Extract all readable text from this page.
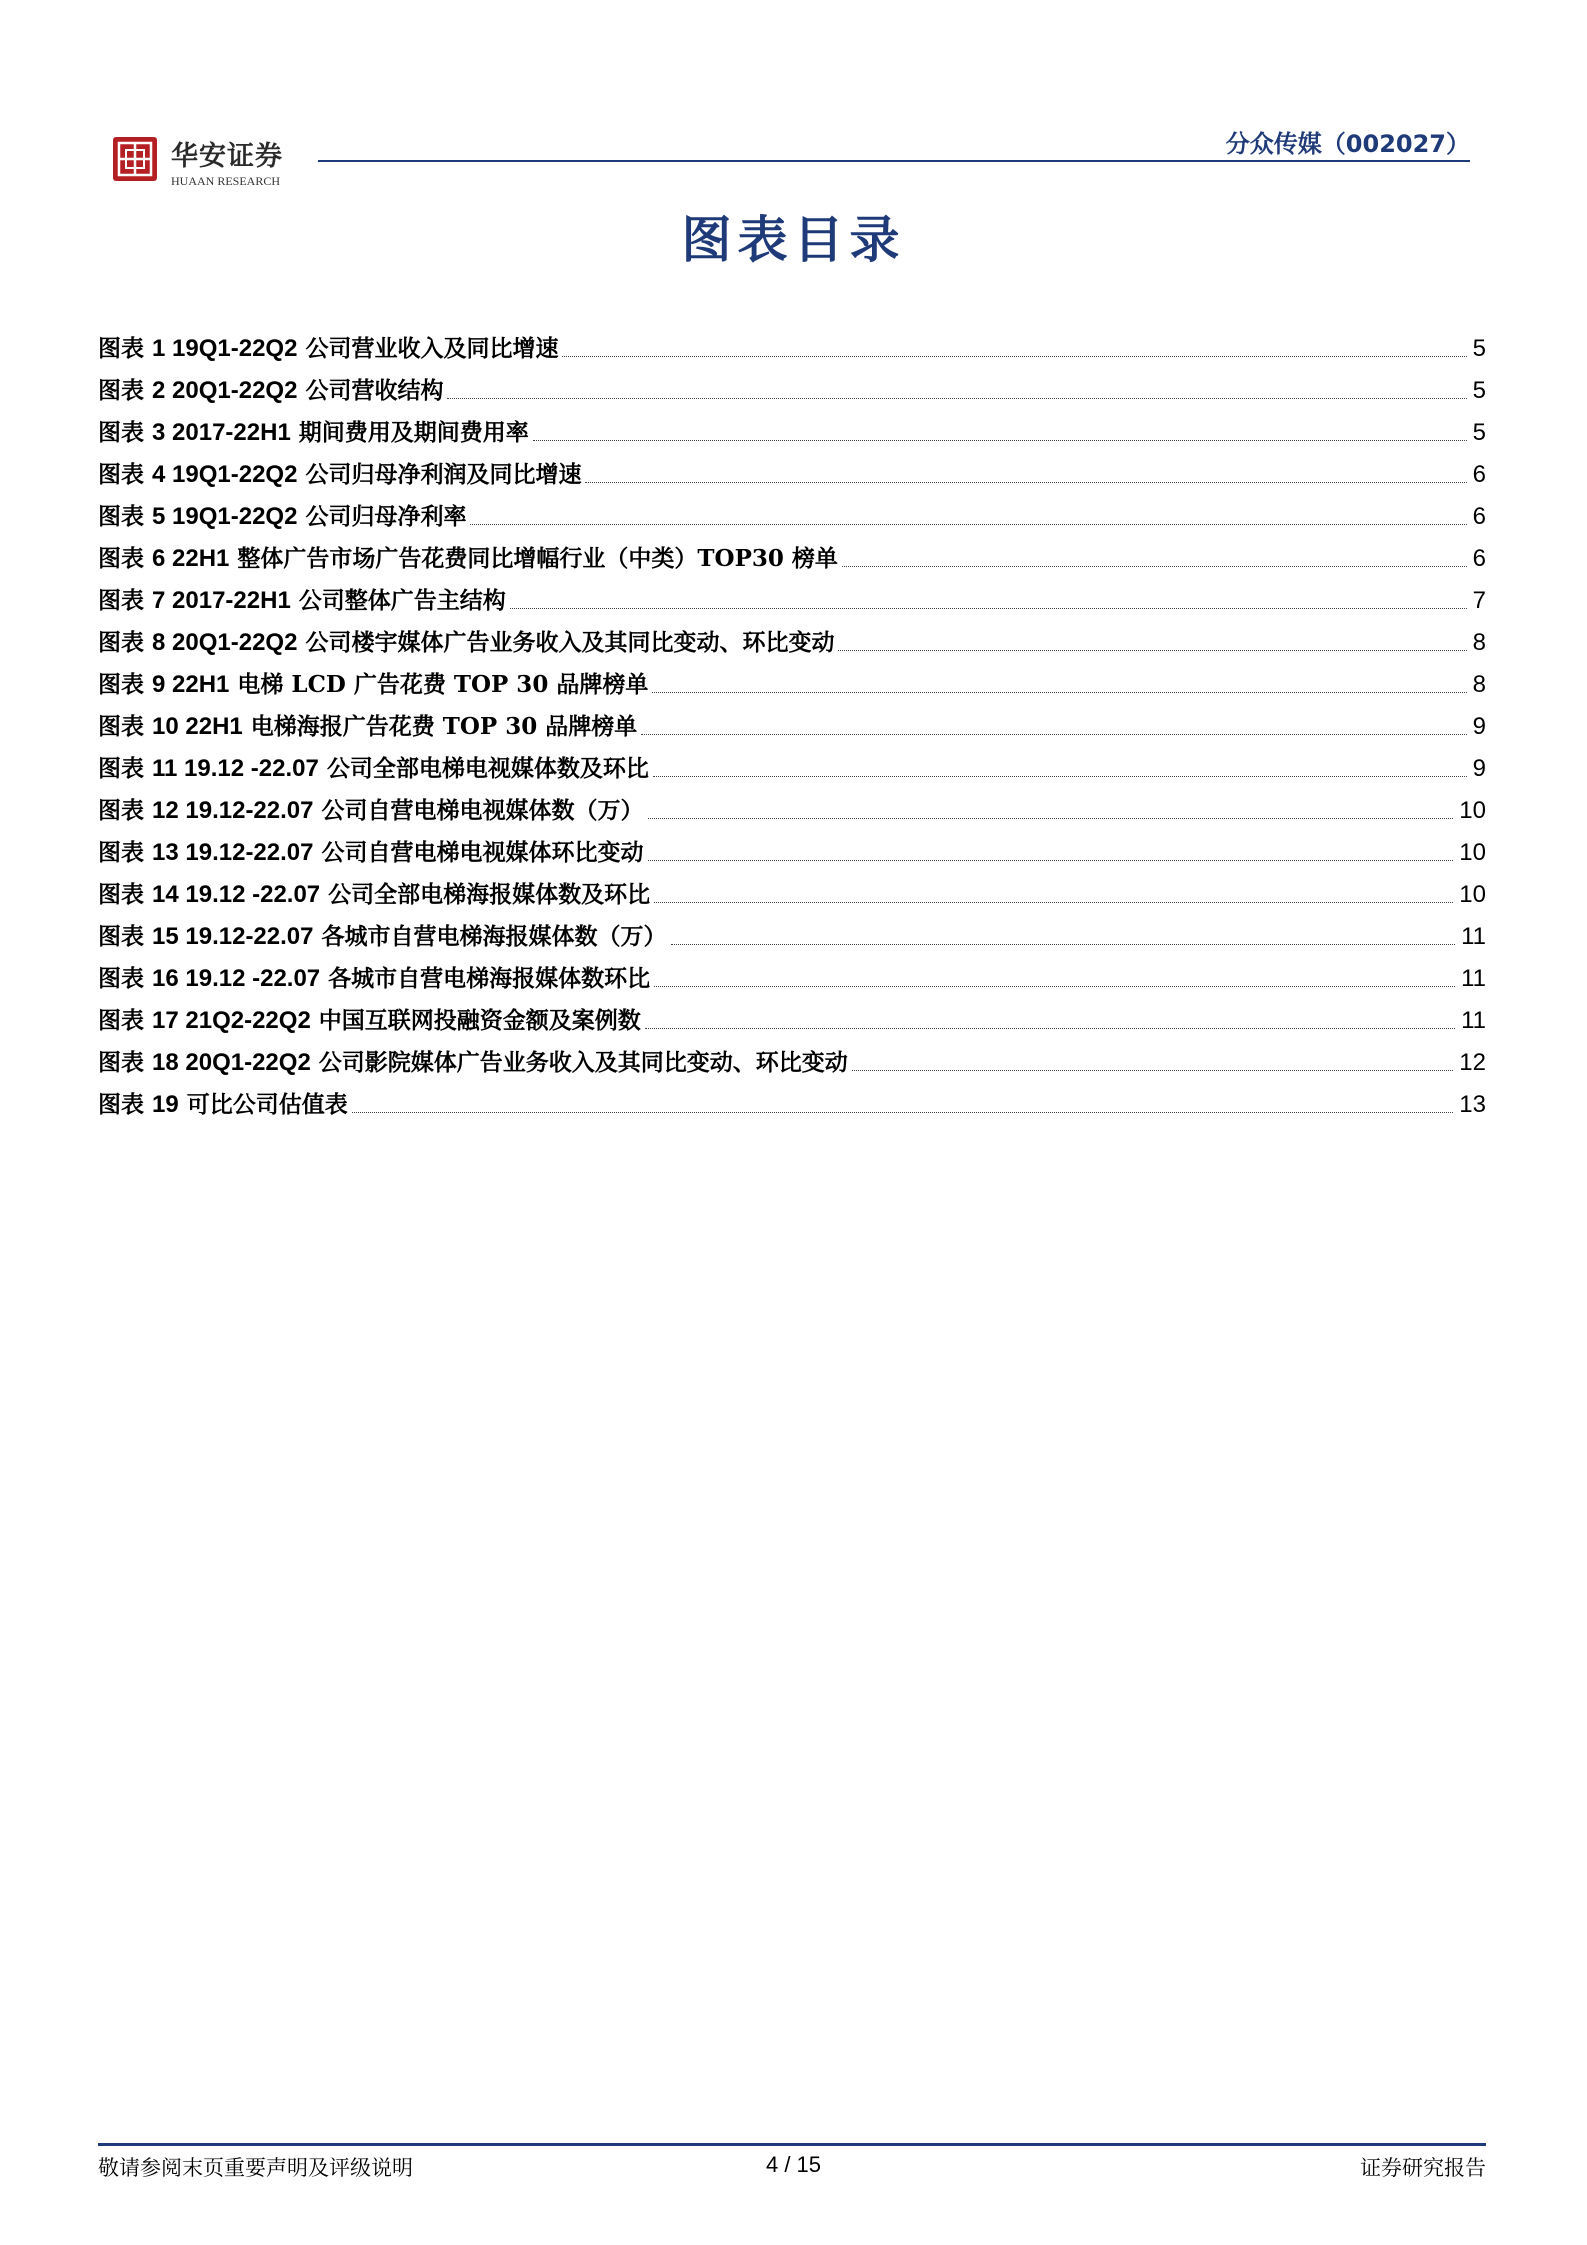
华安证券
HUAAN RESEARCH
分众传媒（002027）
图表目录
图表 1 19Q1-22Q2 公司营业收入及同比增速	5
图表 2 20Q1-22Q2 公司营收结构	5
图表 3 2017-22H1 期间费用及期间费用率	5
图表 4 19Q1-22Q2 公司归母净利润及同比增速	6
图表 5 19Q1-22Q2 公司归母净利率	6
图表 6 22H1 整体广告市场广告花费同比增幅行业（中类）TOP30 榜单	6
图表 7 2017-22H1 公司整体广告主结构	7
图表 8 20Q1-22Q2 公司楼宇媒体广告业务收入及其同比变动、环比变动	8
图表 9 22H1 电梯 LCD 广告花费 TOP 30 品牌榜单	8
图表 10 22H1 电梯海报广告花费 TOP 30 品牌榜单	9
图表 11 19.12 -22.07 公司全部电梯电视媒体数及环比	9
图表 12 19.12-22.07 公司自营电梯电视媒体数（万）	10
图表 13 19.12-22.07 公司自营电梯电视媒体环比变动	10
图表 14 19.12 -22.07 公司全部电梯海报媒体数及环比	10
图表 15 19.12-22.07 各城市自营电梯海报媒体数（万）	11
图表 16 19.12 -22.07 各城市自营电梯海报媒体数环比	11
图表 17 21Q2-22Q2 中国互联网投融资金额及案例数	11
图表 18 20Q1-22Q2 公司影院媒体广告业务收入及其同比变动、环比变动	12
图表 19 可比公司估值表	13
敬请参阅末页重要声明及评级说明	4 / 15	证券研究报告
